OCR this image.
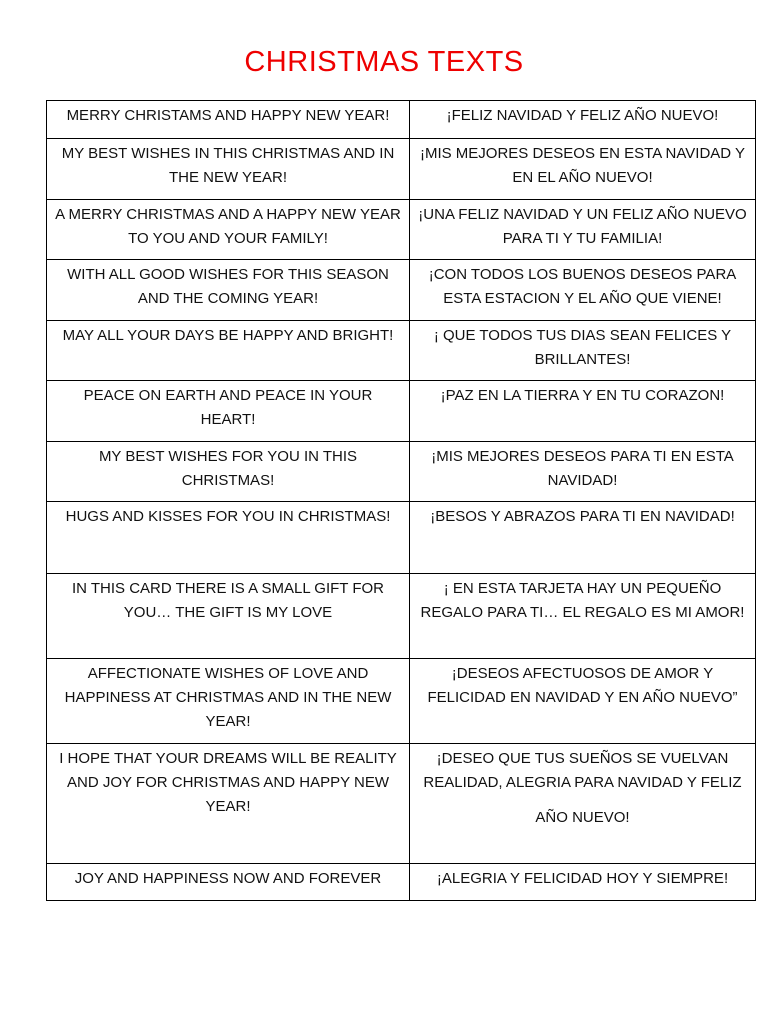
CHRISTMAS TEXTS
MERRY CHRISTAMS AND HAPPY NEW YEAR!	¡FELIZ NAVIDAD Y FELIZ AÑO NUEVO!
MY BEST WISHES IN THIS CHRISTMAS AND IN THE NEW YEAR!	¡MIS MEJORES DESEOS EN ESTA NAVIDAD Y EN EL AÑO NUEVO!
A MERRY CHRISTMAS AND A HAPPY NEW YEAR TO YOU AND YOUR FAMILY!	¡UNA FELIZ NAVIDAD Y UN FELIZ AÑO NUEVO PARA TI Y TU FAMILIA!
WITH ALL GOOD WISHES FOR THIS SEASON AND THE COMING YEAR!	¡CON TODOS LOS BUENOS DESEOS PARA ESTA ESTACION Y EL AÑO QUE VIENE!
MAY ALL YOUR DAYS BE HAPPY AND BRIGHT!	¡ QUE TODOS TUS DIAS SEAN FELICES Y BRILLANTES!
PEACE ON EARTH AND PEACE IN YOUR HEART!	¡PAZ EN LA TIERRA Y EN TU CORAZON!
MY BEST WISHES FOR YOU IN THIS CHRISTMAS!	¡MIS MEJORES DESEOS PARA TI EN ESTA NAVIDAD!
HUGS AND KISSES FOR YOU IN CHRISTMAS!	¡BESOS Y ABRAZOS PARA TI EN NAVIDAD!
IN THIS CARD THERE IS A SMALL GIFT FOR YOU… THE GIFT IS MY LOVE	¡ EN ESTA TARJETA HAY UN PEQUEÑO REGALO PARA TI… EL REGALO ES MI AMOR!
AFFECTIONATE WISHES OF LOVE AND HAPPINESS AT CHRISTMAS AND IN THE NEW YEAR!	¡DESEOS AFECTUOSOS DE AMOR Y FELICIDAD EN NAVIDAD Y EN AÑO NUEVO”
I HOPE THAT YOUR DREAMS WILL BE REALITY AND JOY FOR CHRISTMAS AND HAPPY NEW YEAR!	¡DESEO QUE TUS SUEÑOS SE VUELVAN REALIDAD, ALEGRIA PARA NAVIDAD Y FELIZ
AÑO NUEVO!

JOY AND HAPPINESS NOW AND FOREVER	¡ALEGRIA Y FELICIDAD HOY Y SIEMPRE!
